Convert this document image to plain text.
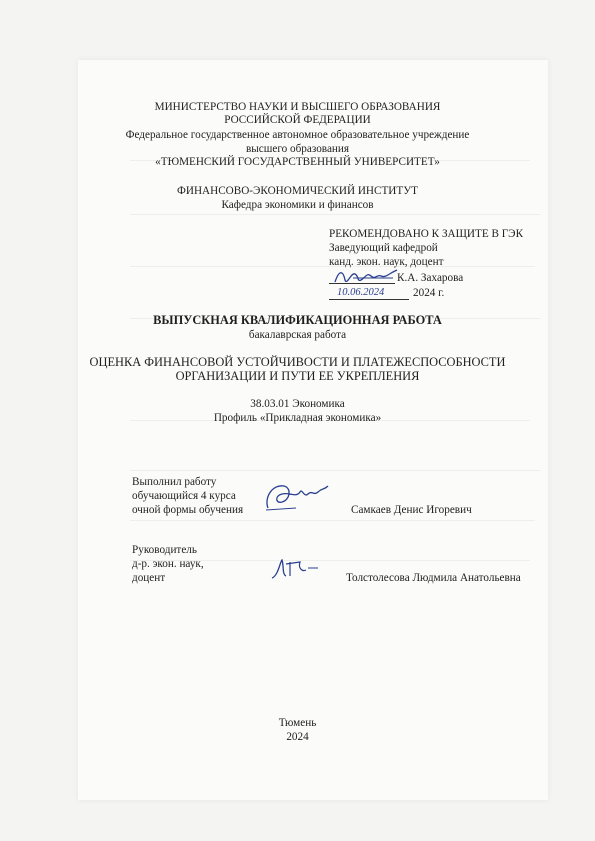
МИНИСТЕРСТВО НАУКИ И ВЫСШЕГО ОБРАЗОВАНИЯ
РОССИЙСКОЙ ФЕДЕРАЦИИ
Федеральное государственное автономное образовательное учреждение
высшего образования
«ТЮМЕНСКИЙ ГОСУДАРСТВЕННЫЙ УНИВЕРСИТЕТ»
ФИНАНСОВО-ЭКОНОМИЧЕСКИЙ ИНСТИТУТ
Кафедра экономики и финансов
РЕКОМЕНДОВАНО К ЗАЩИТЕ В ГЭК
Заведующий кафедрой
канд. экон. наук, доцент
К.А. Захарова
10.06.2024	2024 г.
ВЫПУСКНАЯ КВАЛИФИКАЦИОННАЯ РАБОТА
бакалаврская работа
ОЦЕНКА ФИНАНСОВОЙ УСТОЙЧИВОСТИ И ПЛАТЕЖЕСПОСОБНОСТИ
ОРГАНИЗАЦИИ И ПУТИ ЕЕ УКРЕПЛЕНИЯ
38.03.01 Экономика
Профиль «Прикладная экономика»
Выполнил работу
обучающийся 4 курса
очной формы обучения	Самкаев Денис Игоревич
Руководитель
д-р. экон. наук,
доцент	Толстолесова Людмила Анатольевна
Тюмень
2024
